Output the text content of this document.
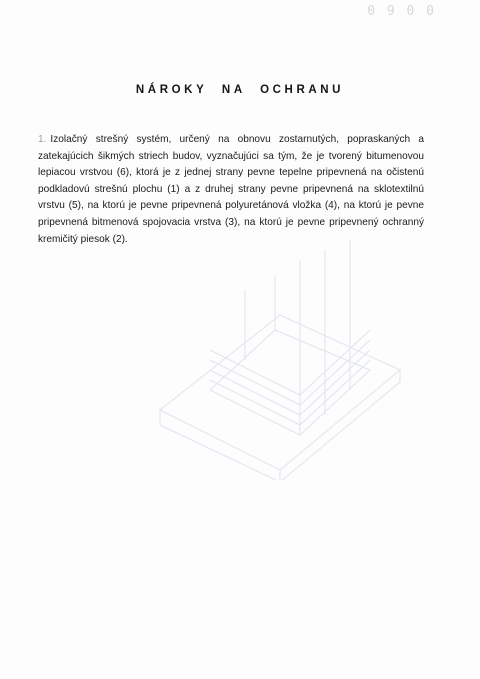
0 9 0 0
NÁROKY NA OCHRANU

1. Izolačný strešný systém, určený na obnovu zostarnutých, popraskaných a zatekajúcich šikmých striech budov, vyznačujúci sa tým, že je tvorený bitumenovou lepiacou vrstvou (6), ktorá je z jednej strany pevne tepelne pripevnená na očistenú podkladovú strešnú plochu (1) a z druhej strany pevne pripevnená na sklotextilnú vrstvu (5), na ktorú je pevne pripevnená polyuretánová vložka (4), na ktorú je pevne pripevnená bitmenová spojovacia vrstva (3), na ktorú je pevne pripevnený ochranný kremičitý piesok (2).
